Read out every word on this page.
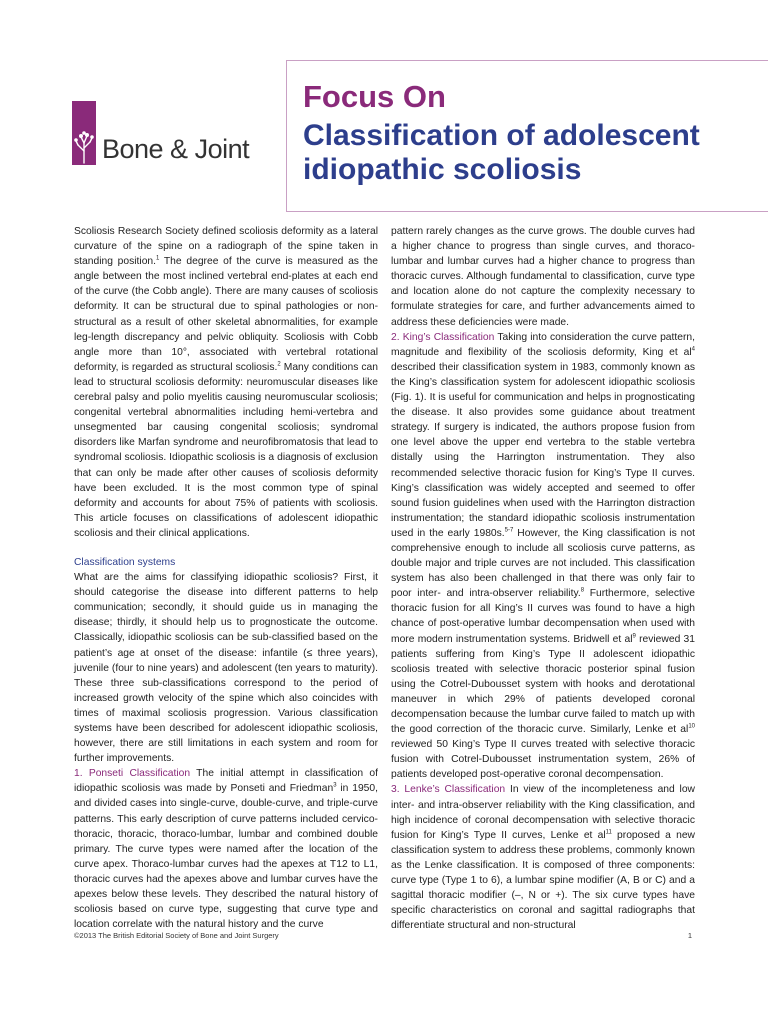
Bone & Joint
Focus On
Classification of adolescent idiopathic scoliosis

Scoliosis Research Society defined scoliosis deformity as a lateral curvature of the spine on a radiograph of the spine taken in standing position.$^1$ The degree of the curve is measured as the angle between the most inclined vertebral end-plates at each end of the curve (the Cobb angle). There are many causes of scoliosis deformity. It can be structural due to spinal pathologies or non-structural as a result of other skeletal abnormalities, for example leg-length discrepancy and pelvic obliquity. Scoliosis with Cobb angle more than 10°, associated with vertebral rotational deformity, is regarded as structural scoliosis.$^2$ Many conditions can lead to structural scoliosis deformity: neuromuscular diseases like cerebral palsy and polio myelitis causing neuromuscular scoliosis; congenital vertebral abnormalities including hemi-vertebra and unsegmented bar causing congenital scoliosis; syndromal disorders like Marfan syndrome and neurofibromatosis that lead to syndromal scoliosis. Idiopathic scoliosis is a diagnosis of exclusion that can only be made after other causes of scoliosis deformity have been excluded. It is the most common type of spinal deformity and accounts for about 75% of patients with scoliosis. This article focuses on classifications of adolescent idiopathic scoliosis and their clinical applications.

Classification systems

What are the aims for classifying idiopathic scoliosis? First, it should categorise the disease into different patterns to help communication; secondly, it should guide us in managing the disease; thirdly, it should help us to prognosticate the outcome. Classically, idiopathic scoliosis can be sub-classified based on the patient’s age at onset of the disease: infantile (≤ three years), juvenile (four to nine years) and adolescent (ten years to maturity). These three sub-classifications correspond to the period of increased growth velocity of the spine which also coincides with times of maximal scoliosis progression. Various classification systems have been described for adolescent idiopathic scoliosis, however, there are still limitations in each system and room for further improvements.

1. Ponseti Classification The initial attempt in classification of idiopathic scoliosis was made by Ponseti and Friedman$^3$ in 1950, and divided cases into single-curve, double-curve, and triple-curve patterns. This early description of curve patterns included cervico-thoracic, thoracic, thoraco-lumbar, lumbar and combined double primary. The curve types were named after the location of the curve apex. Thoraco-lumbar curves had the apexes at T12 to L1, thoracic curves had the apexes above and lumbar curves have the apexes below these levels. They described the natural history of scoliosis based on curve type, suggesting that curve type and location correlate with the natural history and the curve

pattern rarely changes as the curve grows. The double curves had a higher chance to progress than single curves, and thoraco-lumbar and lumbar curves had a higher chance to progress than thoracic curves. Although fundamental to classification, curve type and location alone do not capture the complexity necessary to formulate strategies for care, and further advancements aimed to address these deficiencies were made.

2. King’s Classification Taking into consideration the curve pattern, magnitude and flexibility of the scoliosis deformity, King et $al^4$ described their classification system in 1983, commonly known as the King’s classification system for adolescent idiopathic scoliosis (Fig. 1). It is useful for communication and helps in prognosticating the disease. It also provides some guidance about treatment strategy. If surgery is indicated, the authors propose fusion from one level above the upper end vertebra to the stable vertebra distally using the Harrington instrumentation. They also recommended selective thoracic fusion for King’s Type II curves. King’s classification was widely accepted and seemed to offer sound fusion guidelines when used with the Harrington distraction instrumentation; the standard idiopathic scoliosis instrumentation used in the early 1980s.$^{5-7}$ However, the King classification is not comprehensive enough to include all scoliosis curve patterns, as double major and triple curves are not included. This classification system has also been challenged in that there was only fair to poor inter- and intra-observer reliability.$^8$ Furthermore, selective thoracic fusion for all King’s II curves was found to have a high chance of post-operative lumbar decompensation when used with more modern instrumentation systems. Bridwell et $al^9$ reviewed 31 patients suffering from King’s Type II adolescent idiopathic scoliosis treated with selective thoracic posterior spinal fusion using the Cotrel-Dubousset system with hooks and derotational maneuver in which 29% of patients developed coronal decompensation because the lumbar curve failed to match up with the good correction of the thoracic curve. Similarly, Lenke et $al^{10}$ reviewed 50 King’s Type II curves treated with selective thoracic fusion with Cotrel-Dubousset instrumentation system, 26% of patients developed post-operative coronal decompensation.

3. Lenke’s Classification In view of the incompleteness and low inter- and intra-observer reliability with the King classification, and high incidence of coronal decompensation with selective thoracic fusion for King’s Type II curves, Lenke et $al^{11}$ proposed a new classification system to address these problems, commonly known as the Lenke classification. It is composed of three components: curve type (Type 1 to 6), a lumbar spine modifier (A, B or C) and a sagittal thoracic modifier (–, N or +). The six curve types have specific characteristics on coronal and sagittal radiographs that differentiate structural and non-structural

©2013 The British Editorial Society of Bone and Joint Surgery	1
